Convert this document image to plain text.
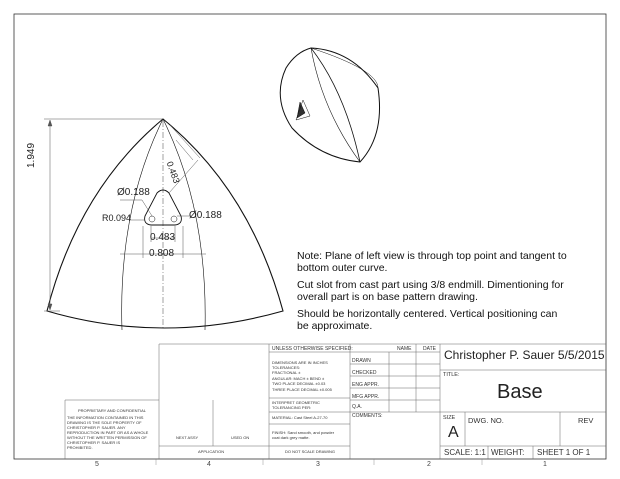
1.949
0.483
Ø0.188
Ø0.188
R0.094
0.483
0.808	Note: Plane of left view is through top point and tangent to
bottom outer curve.
Cut slot from cast part using 3/8 endmill. Dimentioning for
overall part is on base pattern drawing.
Should be horizontally centered. Vertical positioning can
be approximate.
UNLESS OTHERWISE SPECIFIED:	NAME DATE Christopher P. Sauer 5/5/2015
DRAWN
CHECKED
ENG APPR.
MFG APPR.
Q.A.
COMMENTS:
DIMENSIONS ARE IN INCHES
TOLERANCES:
FRACTIONAL ±
ANGULAR: MACH ± BEND ±
TWO PLACE DECIMAL ±0.03
THREE PLACE DECIMAL ±0.005
INTERPRET GEOMETRIC
TOLERANCING PER:
MATERIAL: Cast Steel A-27-70
FINISH: Sand smooth, and powder
coat dark grey matte.
DO NOT SCALE DRAWING
NEXT ASSY	USED ON
APPLICATION
PROPRIETARY AND CONFIDENTIAL
THE INFORMATION CONTAINED IN THIS
DRAWING IS THE SOLE PROPERTY OF
CHRISTOPHER P. SAUER. ANY
REPRODUCTION IN PART OR AS A WHOLE
WITHOUT THE WRITTEN PERMISSION OF
CHRISTOPHER P. SAUER IS
PROHIBITED.
TITLE:
Base
SIZE
A
DWG. NO.	REV
SCALE: 1:1 WEIGHT: SHEET 1 OF 1
5	4	3	2	1
